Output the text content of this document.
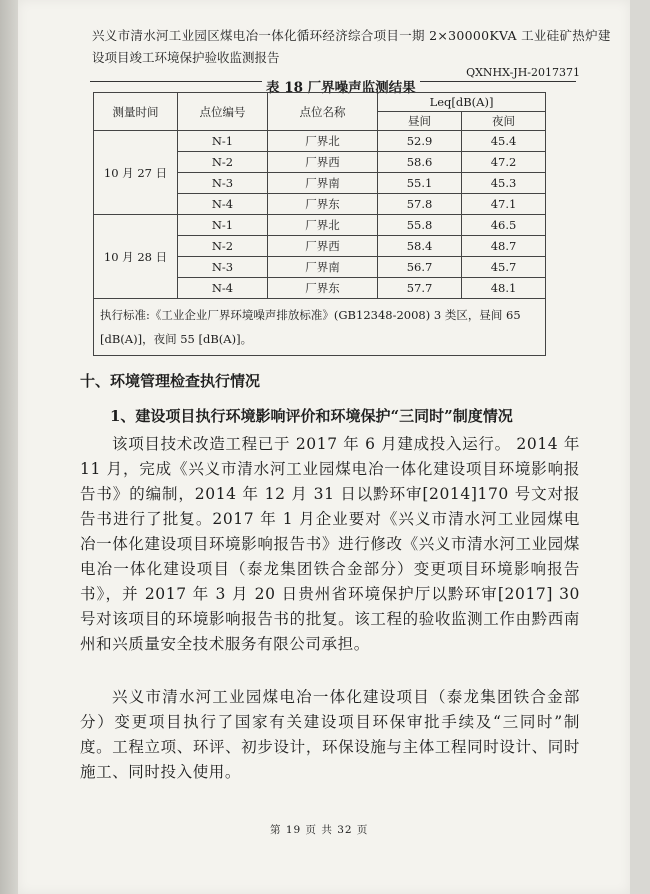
兴义市清水河工业园区煤电冶一体化循环经济综合项目一期 2×30000KVA 工业硅矿热炉建
设项目竣工环境保护验收监测报告
QXNHX-JH-2017371
表 18 厂界噪声监测结果
测量时间	点位编号	点位名称	Leq[dB(A)]	
			昼间	夜间
10 月 27 日	N-1	厂界北	52.9	45.4
	N-2	厂界西	58.6	47.2
	N-3	厂界南	55.1	45.3
	N-4	厂界东	57.8	47.1
10 月 28 日	N-1	厂界北	55.8	46.5
	N-2	厂界西	58.4	48.7
	N-3	厂界南	56.7	45.7
	N-4	厂界东	57.7	48.1
执行标准:《工业企业厂界环境噪声排放标准》(GB12348-2008) 3 类区，昼间 65 [dB(A)]，夜间 55 [dB(A)]。				
十、环境管理检查执行情况
1、建设项目执行环境影响评价和环境保护“三同时”制度情况

该项目技术改造工程已于 2017 年 6 月建成投入运行。 2014 年 11 月，完成《兴义市清水河工业园煤电冶一体化建设项目环境影响报告书》的编制，2014 年 12 月 31 日以黔环审[2014]170 号文对报告书进行了批复。2017 年 1 月企业要对《兴义市清水河工业园煤电冶一体化建设项目环境影响报告书》进行修改《兴义市清水河工业园煤电冶一体化建设项目（泰龙集团铁合金部分）变更项目环境影响报告书》，并 2017 年 3 月 20 日贵州省环境保护厅以黔环审[2017] 30 号对该项目的环境影响报告书的批复。该工程的验收监测工作由黔西南州和兴质量安全技术服务有限公司承担。

兴义市清水河工业园煤电冶一体化建设项目（泰龙集团铁合金部分）变更项目执行了国家有关建设项目环保审批手续及“三同时”制度。工程立项、环评、初步设计，环保设施与主体工程同时设计、同时施工、同时投入使用。

第 19 页 共 32 页
